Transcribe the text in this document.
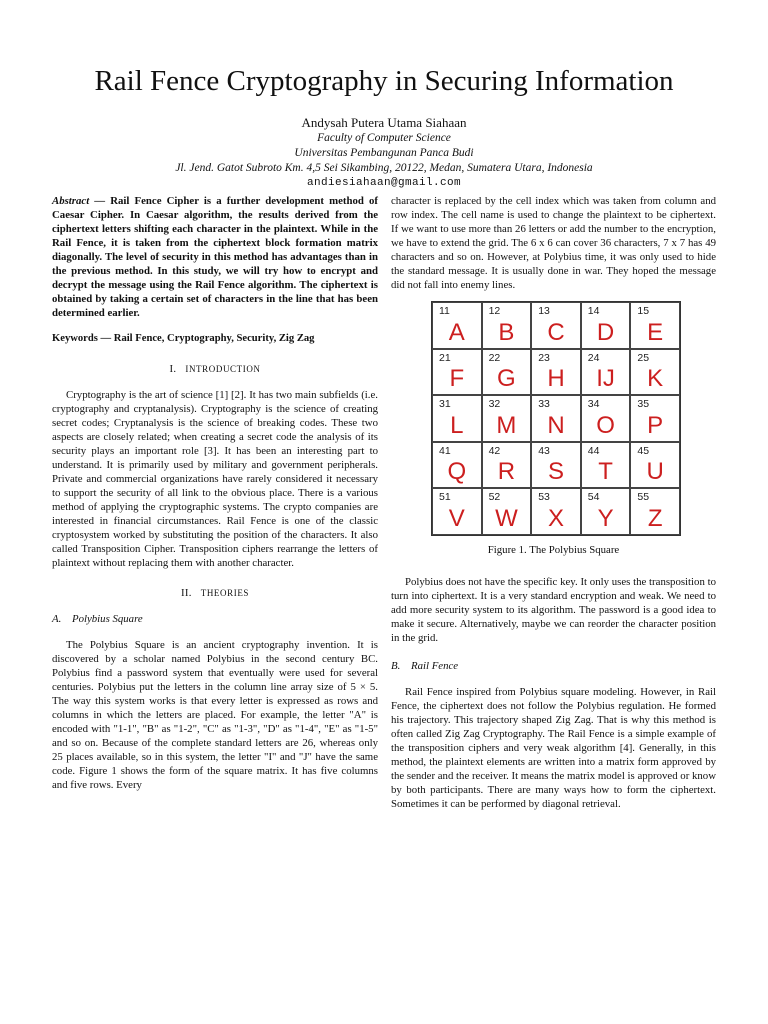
Rail Fence Cryptography in Securing Information
Andysah Putera Utama Siahaan
Faculty of Computer Science
Universitas Pembangunan Panca Budi
Jl. Jend. Gatot Subroto Km. 4,5 Sei Sikambing, 20122, Medan, Sumatera Utara, Indonesia
andiesiahaan@gmail.com

Abstract — Rail Fence Cipher is a further development method of Caesar Cipher. In Caesar algorithm, the results derived from the ciphertext letters shifting each character in the plaintext. While in the Rail Fence, it is taken from the ciphertext block formation matrix diagonally. The level of security in this method has advantages than in the previous method. In this study, we will try how to encrypt and decrypt the message using the Rail Fence algorithm. The ciphertext is obtained by taking a certain set of characters in the line that has been determined earlier.

Keywords — Rail Fence, Cryptography, Security, Zig Zag

I. INTRODUCTION

Cryptography is the art of science [1] [2]. It has two main subfields (i.e. cryptography and cryptanalysis). Cryptography is the science of creating secret codes; Cryptanalysis is the science of breaking codes. These two aspects are closely related; when creating a secret code the analysis of its security plays an important role [3]. It has been an interesting part to understand. It is primarily used by military and government peripherals. Private and commercial organizations have rarely considered it necessary to support the security of all link to the obvious place. There is a various method of applying the cryptographic systems. The crypto companies are interested in financial circumstances. Rail Fence is one of the classic cryptosystem worked by substituting the position of the characters. It also called Transposition Cipher. Transposition ciphers rearrange the letters of plaintext without replacing them with another character.

II. THEORIES
A. Polybius Square

The Polybius Square is an ancient cryptography invention. It is discovered by a scholar named Polybius in the second century BC. Polybius find a password system that eventually were used for several centuries. Polybius put the letters in the column line array size of 5 × 5. The way this system works is that every letter is expressed as rows and columns in which the letters are placed. For example, the letter "A" is encoded with "1-1", "B" as "1-2", "C" as "1-3", "D" as "1-4", "E" as "1-5" and so on. Because of the complete standard letters are 26, whereas only 25 places available, so in this system, the letter "I" and "J" have the same code. Figure 1 shows the form of the square matrix. It has five columns and five rows. Every

character is replaced by the cell index which was taken from column and row index. The cell name is used to change the plaintext to be ciphertext. If we want to use more than 26 letters or add the number to the encryption, we have to extend the grid. The 6 x 6 can cover 36 characters, 7 x 7 has 49 characters and so on. However, at Polybius time, it was only used to hide the standard message. It is usually done in war. They hoped the message did not fall into enemy lines.

11
A
12
B
13
C
14
D
15
E
21
F
22
G
23
H
24
IJ
25
K
31
L
32
M
33
N
34
O
35
P
41
Q
42
R
43
S
44
T
45
U
51
V
52
W
53
X
54
Y
55
Z
Figure 1. The Polybius Square

Polybius does not have the specific key. It only uses the transposition to turn into ciphertext. It is a very standard encryption and weak. We need to add more security system to its algorithm. The password is a good idea to make it secure. Alternatively, maybe we can reorder the character position in the grid.

B. Rail Fence

Rail Fence inspired from Polybius square modeling. However, in Rail Fence, the ciphertext does not follow the Polybius regulation. He formed his trajectory. This trajectory shaped Zig Zag. That is why this method is often called Zig Zag Cryptography. The Rail Fence is a simple example of the transposition ciphers and very weak algorithm [4]. Generally, in this method, the plaintext elements are written into a matrix form approved by the sender and the receiver. It means the matrix model is approved or know by both participants. There are many ways how to form the ciphertext. Sometimes it can be performed by diagonal retrieval.
